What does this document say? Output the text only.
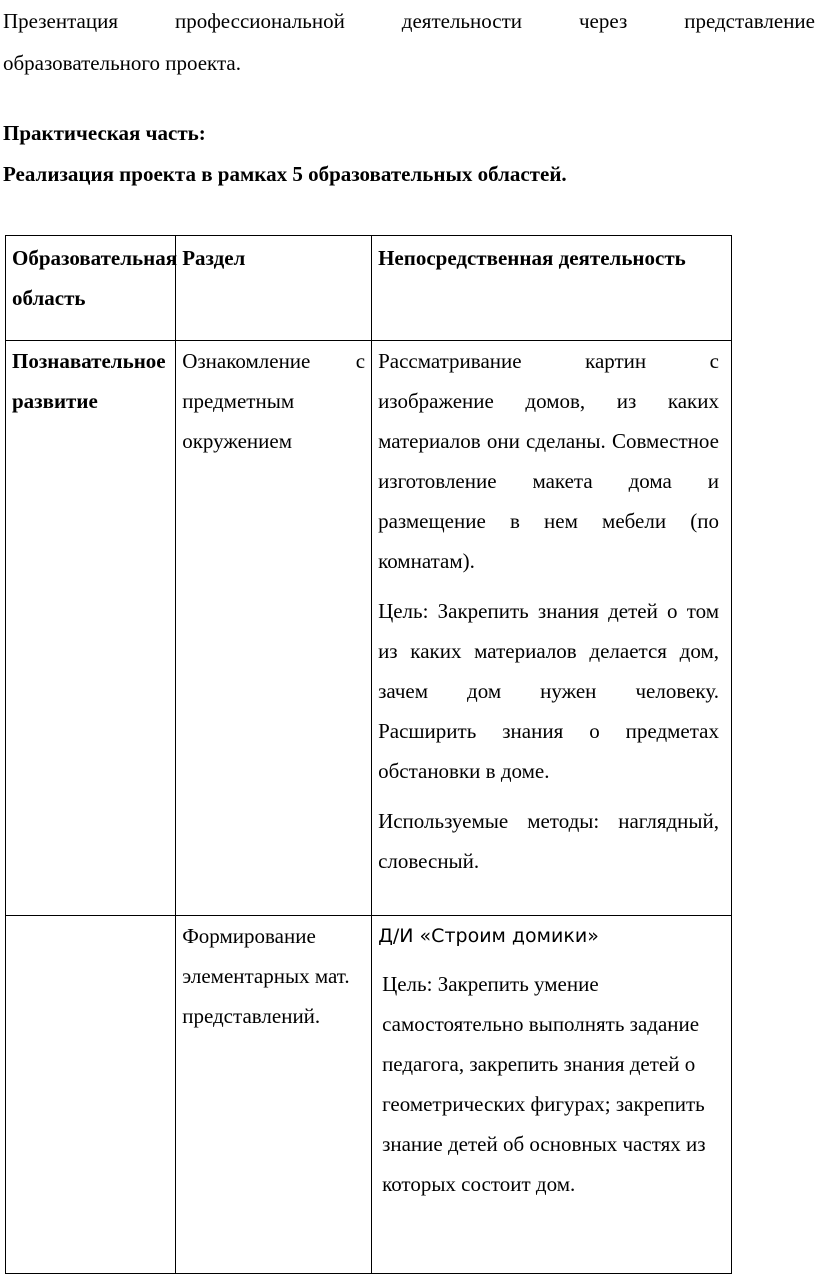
Презентация профессиональной деятельности через представление
образовательного проекта.
Практическая часть:
Реализация проекта в рамках 5 образовательных областей.
Образовательная область	Раздел	Непосредственная деятельность
Познавательное развитие	Ознакомление с предметным окружением	Рассматривание картин с изображение домов, из каких материалов они сделаны. Совместное изготовление макета дома и размещение в нем мебели (по комнатам).

Цель: Закрепить знания детей о том из каких материалов делается дом, зачем дом нужен человеку. Расширить знания о предметах обстановки в доме.

Используемые методы: наглядный, словесный.

	Формирование элементарных мат. представлений.	Д/И «Строим домики»

Цель: Закрепить умение самостоятельно выполнять задание педагога, закрепить знания детей о геометрических фигурах; закрепить знание детей об основных частях из которых состоит дом.
